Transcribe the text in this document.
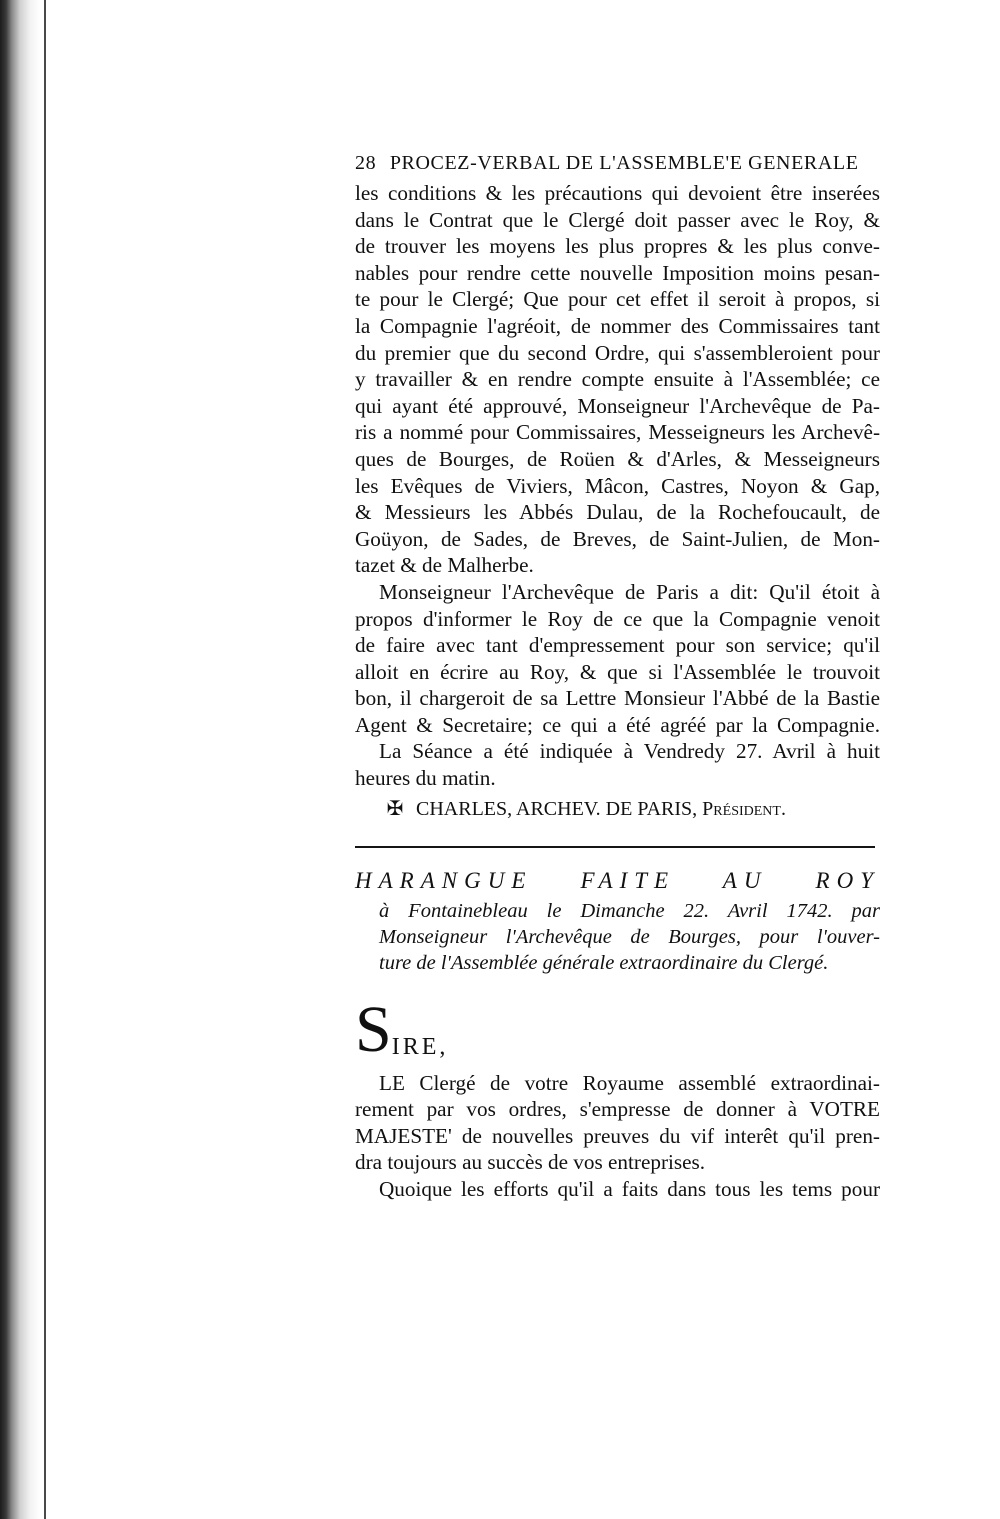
28 PROCEZ-VERBAL DE L'ASSEMBLE'E GENERALE
les conditions & les précautions qui devoient être inserées
dans le Contrat que le Clergé doit passer avec le Roy, &
de trouver les moyens les plus propres & les plus conve-
nables pour rendre cette nouvelle Imposition moins pesan-
te pour le Clergé; Que pour cet effet il seroit à propos, si
la Compagnie l'agréoit, de nommer des Commissaires tant
du premier que du second Ordre, qui s'assembleroient pour
y travailler & en rendre compte ensuite à l'Assemblée; ce
qui ayant été approuvé, Monseigneur l'Archevêque de Pa-
ris a nommé pour Commissaires, Messeigneurs les Archevê-
ques de Bourges, de Roüen & d'Arles, & Messeigneurs
les Evêques de Viviers, Mâcon, Castres, Noyon & Gap,
& Messieurs les Abbés Dulau, de la Rochefoucault, de
Goüyon, de Sades, de Breves, de Saint-Julien, de Mon-
tazet & de Malherbe.
Monseigneur l'Archevêque de Paris a dit: Qu'il étoit à
propos d'informer le Roy de ce que la Compagnie venoit
de faire avec tant d'empressement pour son service; qu'il
alloit en écrire au Roy, & que si l'Assemblée le trouvoit
bon, il chargeroit de sa Lettre Monsieur l'Abbé de la Bastie
Agent & Secretaire; ce qui a été agréé par la Compagnie.
La Séance a été indiquée à Vendredy 27. Avril à huit
heures du matin.
✠ CHARLES, ARCHEV. DE PARIS, Président.
HARANGUE FAITE AU ROY
à Fontainebleau le Dimanche 22. Avril 1742. par
Monseigneur l'Archevêque de Bourges, pour l'ouver-
ture de l'Assemblée générale extraordinaire du Clergé.
SIRE,
LE Clergé de votre Royaume assemblé extraordinai-
rement par vos ordres, s'empresse de donner à VOTRE
MAJESTE' de nouvelles preuves du vif interêt qu'il pren-
dra toujours au succès de vos entreprises.
Quoique les efforts qu'il a faits dans tous les tems pour
